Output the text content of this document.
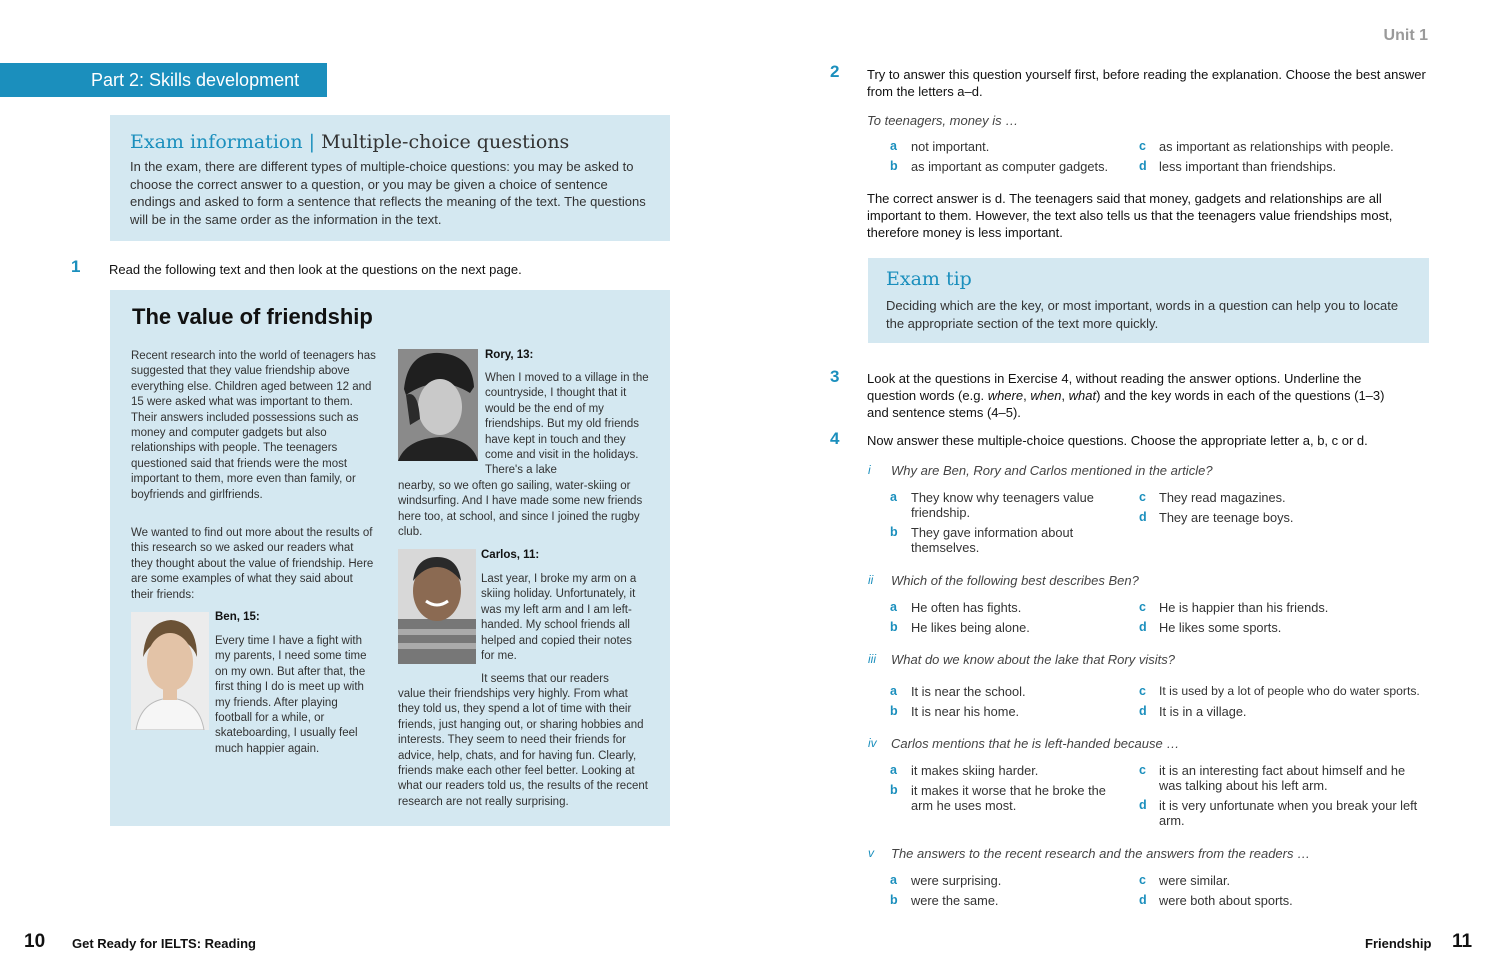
Part 2: Skills development
Exam information | Multiple-choice questions
In the exam, there are different types of multiple-choice questions: you may be asked to choose the correct answer to a question, or you may be given a choice of sentence endings and asked to form a sentence that reflects the meaning of the text. The questions will be in the same order as the information in the text.
1 Read the following text and then look at the questions on the next page.
The value of friendship
Recent research into the world of teenagers has suggested that they value friendship above everything else. Children aged between 12 and 15 were asked what was important to them. Their answers included possessions such as money and computer gadgets but also relationships with people. The teenagers questioned said that friends were the most important to them, more even than family, or boyfriends and girlfriends.
We wanted to find out more about the results of this research so we asked our readers what they thought about the value of friendship. Here are some examples of what they said about their friends:
Ben, 15:
Every time I have a fight with my parents, I need some time on my own. But after that, the first thing I do is meet up with my friends. After playing football for a while, or skateboarding, I usually feel much happier again.
Rory, 13:
When I moved to a village in the countryside, I thought that it would be the end of my friendships. But my old friends have kept in touch and they come and visit in the holidays. There's a lake
nearby, so we often go sailing, water-skiing or windsurfing. And I have made some new friends here too, at school, and since I joined the rugby club.
Carlos, 11:
Last year, I broke my arm on a skiing holiday. Unfortunately, it was my left arm and I am left-handed. My school friends all helped and copied their notes for me.
It seems that our readers
value their friendships very highly. From what they told us, they spend a lot of time with their friends, just hanging out, or sharing hobbies and interests. They seem to need their friends for advice, help, chats, and for having fun. Clearly, friends make each other feel better. Looking at what our readers told us, the results of the recent research are not really surprising.
10 Get Ready for IELTS: Reading
Unit 1
2 Try to answer this question yourself first, before reading the explanation. Choose the best answer from the letters a–d.
To teenagers, money is …
a not important.
b as important as computer gadgets.
c as important as relationships with people.
d less important than friendships.
The correct answer is d. The teenagers said that money, gadgets and relationships are all important to them. However, the text also tells us that the teenagers value friendships most, therefore money is less important.
Exam tip
Deciding which are the key, or most important, words in a question can help you to locate the appropriate section of the text more quickly.
3 Look at the questions in Exercise 4, without reading the answer options. Underline the
question words (e.g. where, when, what) and the key words in each of the questions (1–3)
and sentence stems (4–5).
4 Now answer these multiple-choice questions. Choose the appropriate letter a, b, c or d.
i Why are Ben, Rory and Carlos mentioned in the article?
a They know why teenagers value friendship.
b They gave information about themselves.
c They read magazines.
d They are teenage boys.
ii Which of the following best describes Ben?
a He often has fights.
b He likes being alone.
c He is happier than his friends.
d He likes some sports.
iii What do we know about the lake that Rory visits?
a It is near the school.
b It is near his home.
c It is used by a lot of people who do water sports.
d It is in a village.
iv Carlos mentions that he is left-handed because …
a it makes skiing harder.
b it makes it worse that he broke the arm he uses most.
c it is an interesting fact about himself and he was talking about his left arm.
d it is very unfortunate when you break your left arm.
v The answers to the recent research and the answers from the readers …
a were surprising.
b were the same.
c were similar.
d were both about sports.
Friendship 11
